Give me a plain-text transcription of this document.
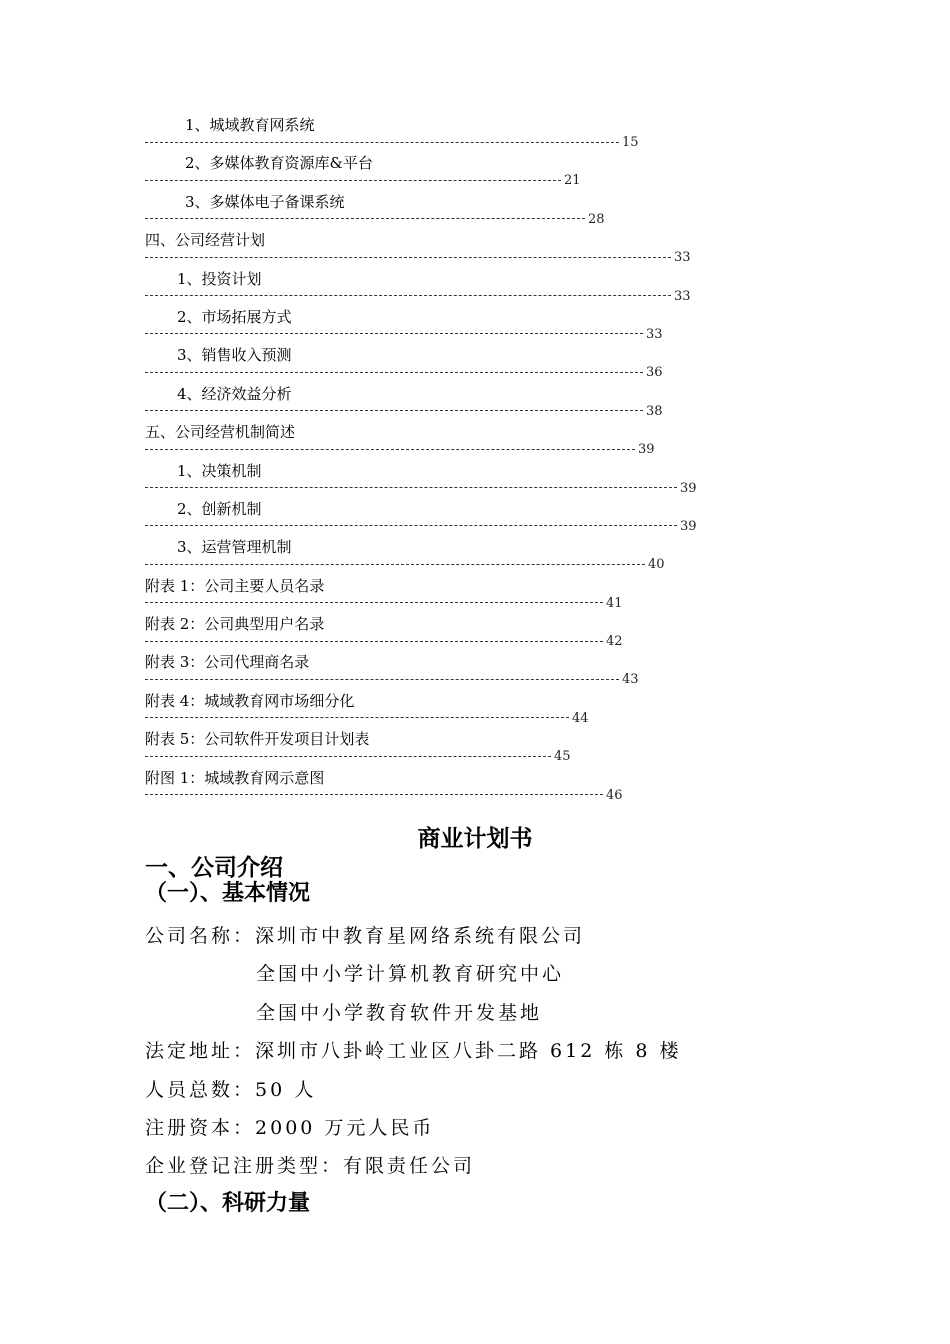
1、城域教育网系统
15
2、多媒体教育资源库&平台
21
3、多媒体电子备课系统
28
四、公司经营计划
33
1、投资计划
33
2、市场拓展方式
33
3、销售收入预测
36
4、经济效益分析
38
五、公司经营机制简述
39
1、决策机制
39
2、创新机制
39
3、运营管理机制
40
附表 1：公司主要人员名录
41
附表 2：公司典型用户名录
42
附表 3：公司代理商名录
43
附表 4：城域教育网市场细分化
44
附表 5：公司软件开发项目计划表
45
附图 1：城域教育网示意图
46
商业计划书
一、公司介绍
（一）、基本情况
公司名称：深圳市中教育星网络系统有限公司
全国中小学计算机教育研究中心
全国中小学教育软件开发基地
法定地址：深圳市八卦岭工业区八卦二路 612 栋 8 楼
人员总数：50 人
注册资本：2000 万元人民币
企业登记注册类型：有限责任公司
（二）、科研力量
